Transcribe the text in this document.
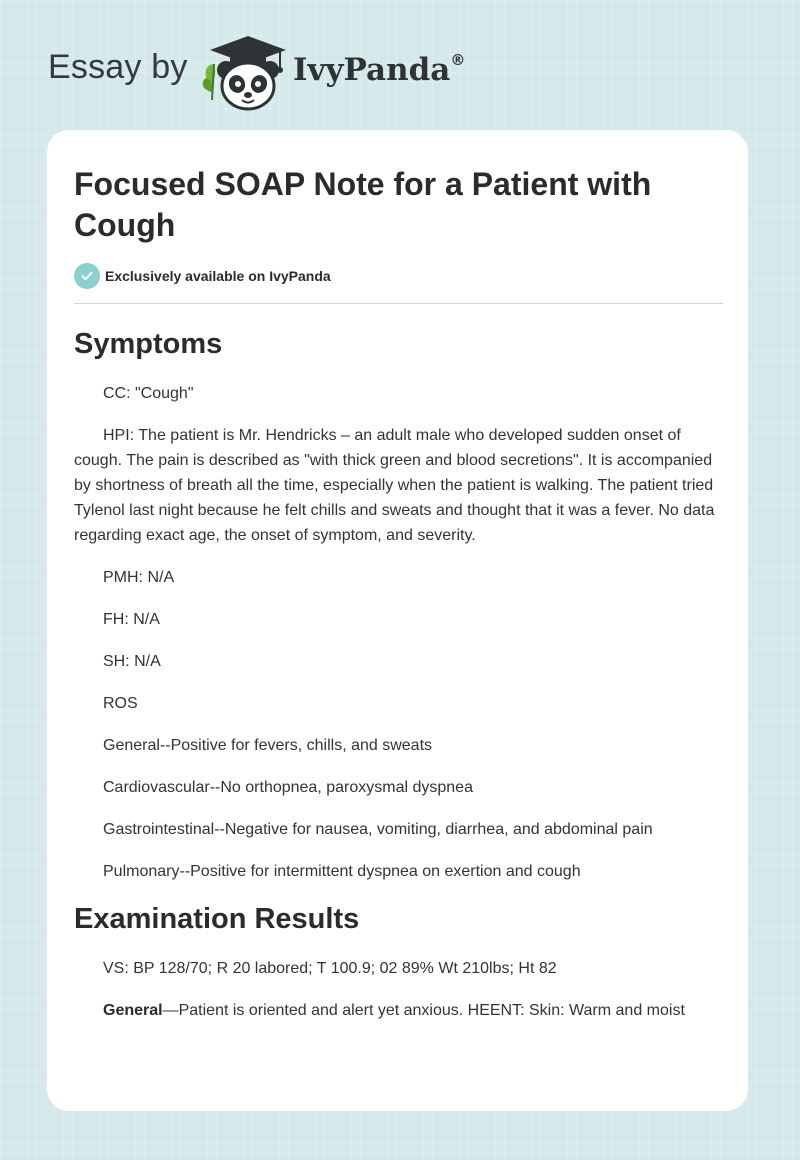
Essay by	IvyPanda®
Focused SOAP Note for a Patient with Cough
Exclusively available on IvyPanda
Symptoms

CC: "Cough"

HPI: The patient is Mr. Hendricks – an adult male who developed sudden onset of cough. The pain is described as "with thick green and blood secretions". It is accompanied by shortness of breath all the time, especially when the patient is walking. The patient tried Tylenol last night because he felt chills and sweats and thought that it was a fever. No data regarding exact age, the onset of symptom, and severity.

PMH: N/A

FH: N/A

SH: N/A

ROS

General--Positive for fevers, chills, and sweats

Cardiovascular--No orthopnea, paroxysmal dyspnea

Gastrointestinal--Negative for nausea, vomiting, diarrhea, and abdominal pain

Pulmonary--Positive for intermittent dyspnea on exertion and cough

Examination Results

VS: BP 128/70; R 20 labored; T 100.9; 02 89% Wt 210lbs; Ht 82

General—Patient is oriented and alert yet anxious. HEENT: Skin: Warm and moist
